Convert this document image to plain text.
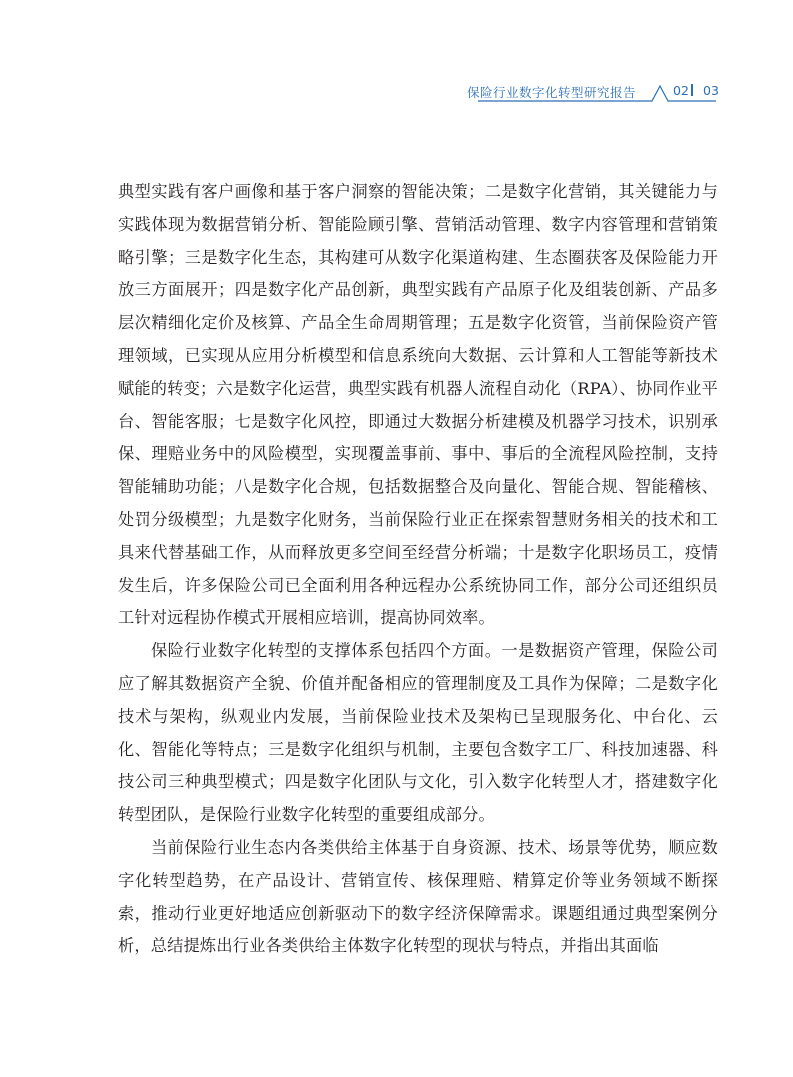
保险行业数字化转型研究报告	02 03

典型实践有客户画像和基于客户洞察的智能决策；二是数字化营销，其关键能力与实践体现为数据营销分析、智能险顾引擎、营销活动管理、数字内容管理和营销策略引擎；三是数字化生态，其构建可从数字化渠道构建、生态圈获客及保险能力开放三方面展开；四是数字化产品创新，典型实践有产品原子化及组装创新、产品多层次精细化定价及核算、产品全生命周期管理；五是数字化资管，当前保险资产管理领域，已实现从应用分析模型和信息系统向大数据、云计算和人工智能等新技术赋能的转变；六是数字化运营，典型实践有机器人流程自动化（RPA）、协同作业平台、智能客服；七是数字化风控，即通过大数据分析建模及机器学习技术，识别承保、理赔业务中的风险模型，实现覆盖事前、事中、事后的全流程风险控制，支持智能辅助功能；八是数字化合规，包括数据整合及向量化、智能合规、智能稽核、处罚分级模型；九是数字化财务，当前保险行业正在探索智慧财务相关的技术和工具来代替基础工作，从而释放更多空间至经营分析端；十是数字化职场员工，疫情发生后，许多保险公司已全面利用各种远程办公系统协同工作，部分公司还组织员工针对远程协作模式开展相应培训，提高协同效率。

保险行业数字化转型的支撑体系包括四个方面。一是数据资产管理，保险公司应了解其数据资产全貌、价值并配备相应的管理制度及工具作为保障；二是数字化技术与架构，纵观业内发展，当前保险业技术及架构已呈现服务化、中台化、云化、智能化等特点；三是数字化组织与机制，主要包含数字工厂、科技加速器、科技公司三种典型模式；四是数字化团队与文化，引入数字化转型人才，搭建数字化转型团队，是保险行业数字化转型的重要组成部分。

当前保险行业生态内各类供给主体基于自身资源、技术、场景等优势，顺应数字化转型趋势，在产品设计、营销宣传、核保理赔、精算定价等业务领域不断探索，推动行业更好地适应创新驱动下的数字经济保障需求。课题组通过典型案例分析，总结提炼出行业各类供给主体数字化转型的现状与特点，并指出其面临
